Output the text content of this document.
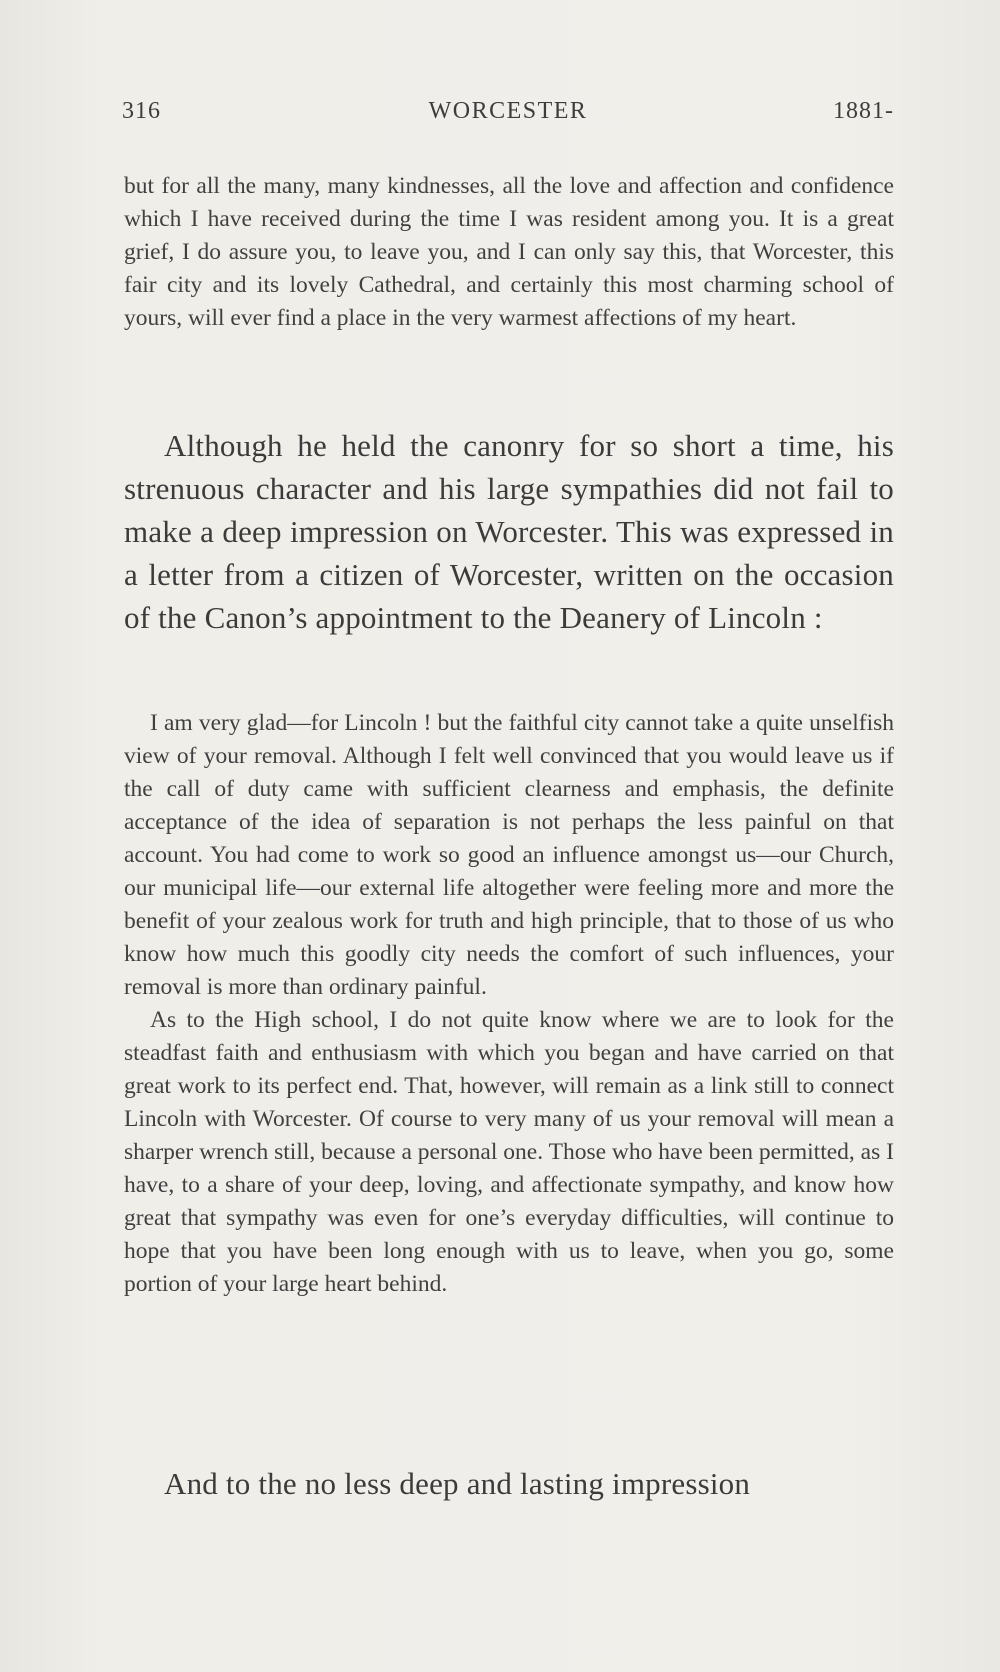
316	WORCESTER	1881-

but for all the many, many kindnesses, all the love and affection and confidence which I have received during the time I was resident among you. It is a great grief, I do assure you, to leave you, and I can only say this, that Worcester, this fair city and its lovely Cathedral, and certainly this most charming school of yours, will ever find a place in the very warmest affections of my heart.

Although he held the canonry for so short a time, his strenuous character and his large sympathies did not fail to make a deep impression on Worcester. This was expressed in a letter from a citizen of Worcester, written on the occasion of the Canon’s appointment to the Deanery of Lincoln :

I am very glad—for Lincoln ! but the faithful city cannot take a quite unselfish view of your removal. Although I felt well convinced that you would leave us if the call of duty came with sufficient clearness and emphasis, the definite acceptance of the idea of separation is not perhaps the less painful on that account. You had come to work so good an influence amongst us—our Church, our municipal life—our external life altogether were feeling more and more the benefit of your zealous work for truth and high principle, that to those of us who know how much this goodly city needs the comfort of such influences, your removal is more than ordinary painful.

As to the High school, I do not quite know where we are to look for the steadfast faith and enthusiasm with which you began and have carried on that great work to its perfect end. That, however, will remain as a link still to connect Lincoln with Worcester. Of course to very many of us your removal will mean a sharper wrench still, because a personal one. Those who have been permitted, as I have, to a share of your deep, loving, and affectionate sympathy, and know how great that sympathy was even for one’s everyday difficulties, will continue to hope that you have been long enough with us to leave, when you go, some portion of your large heart behind.

And to the no less deep and lasting impression
